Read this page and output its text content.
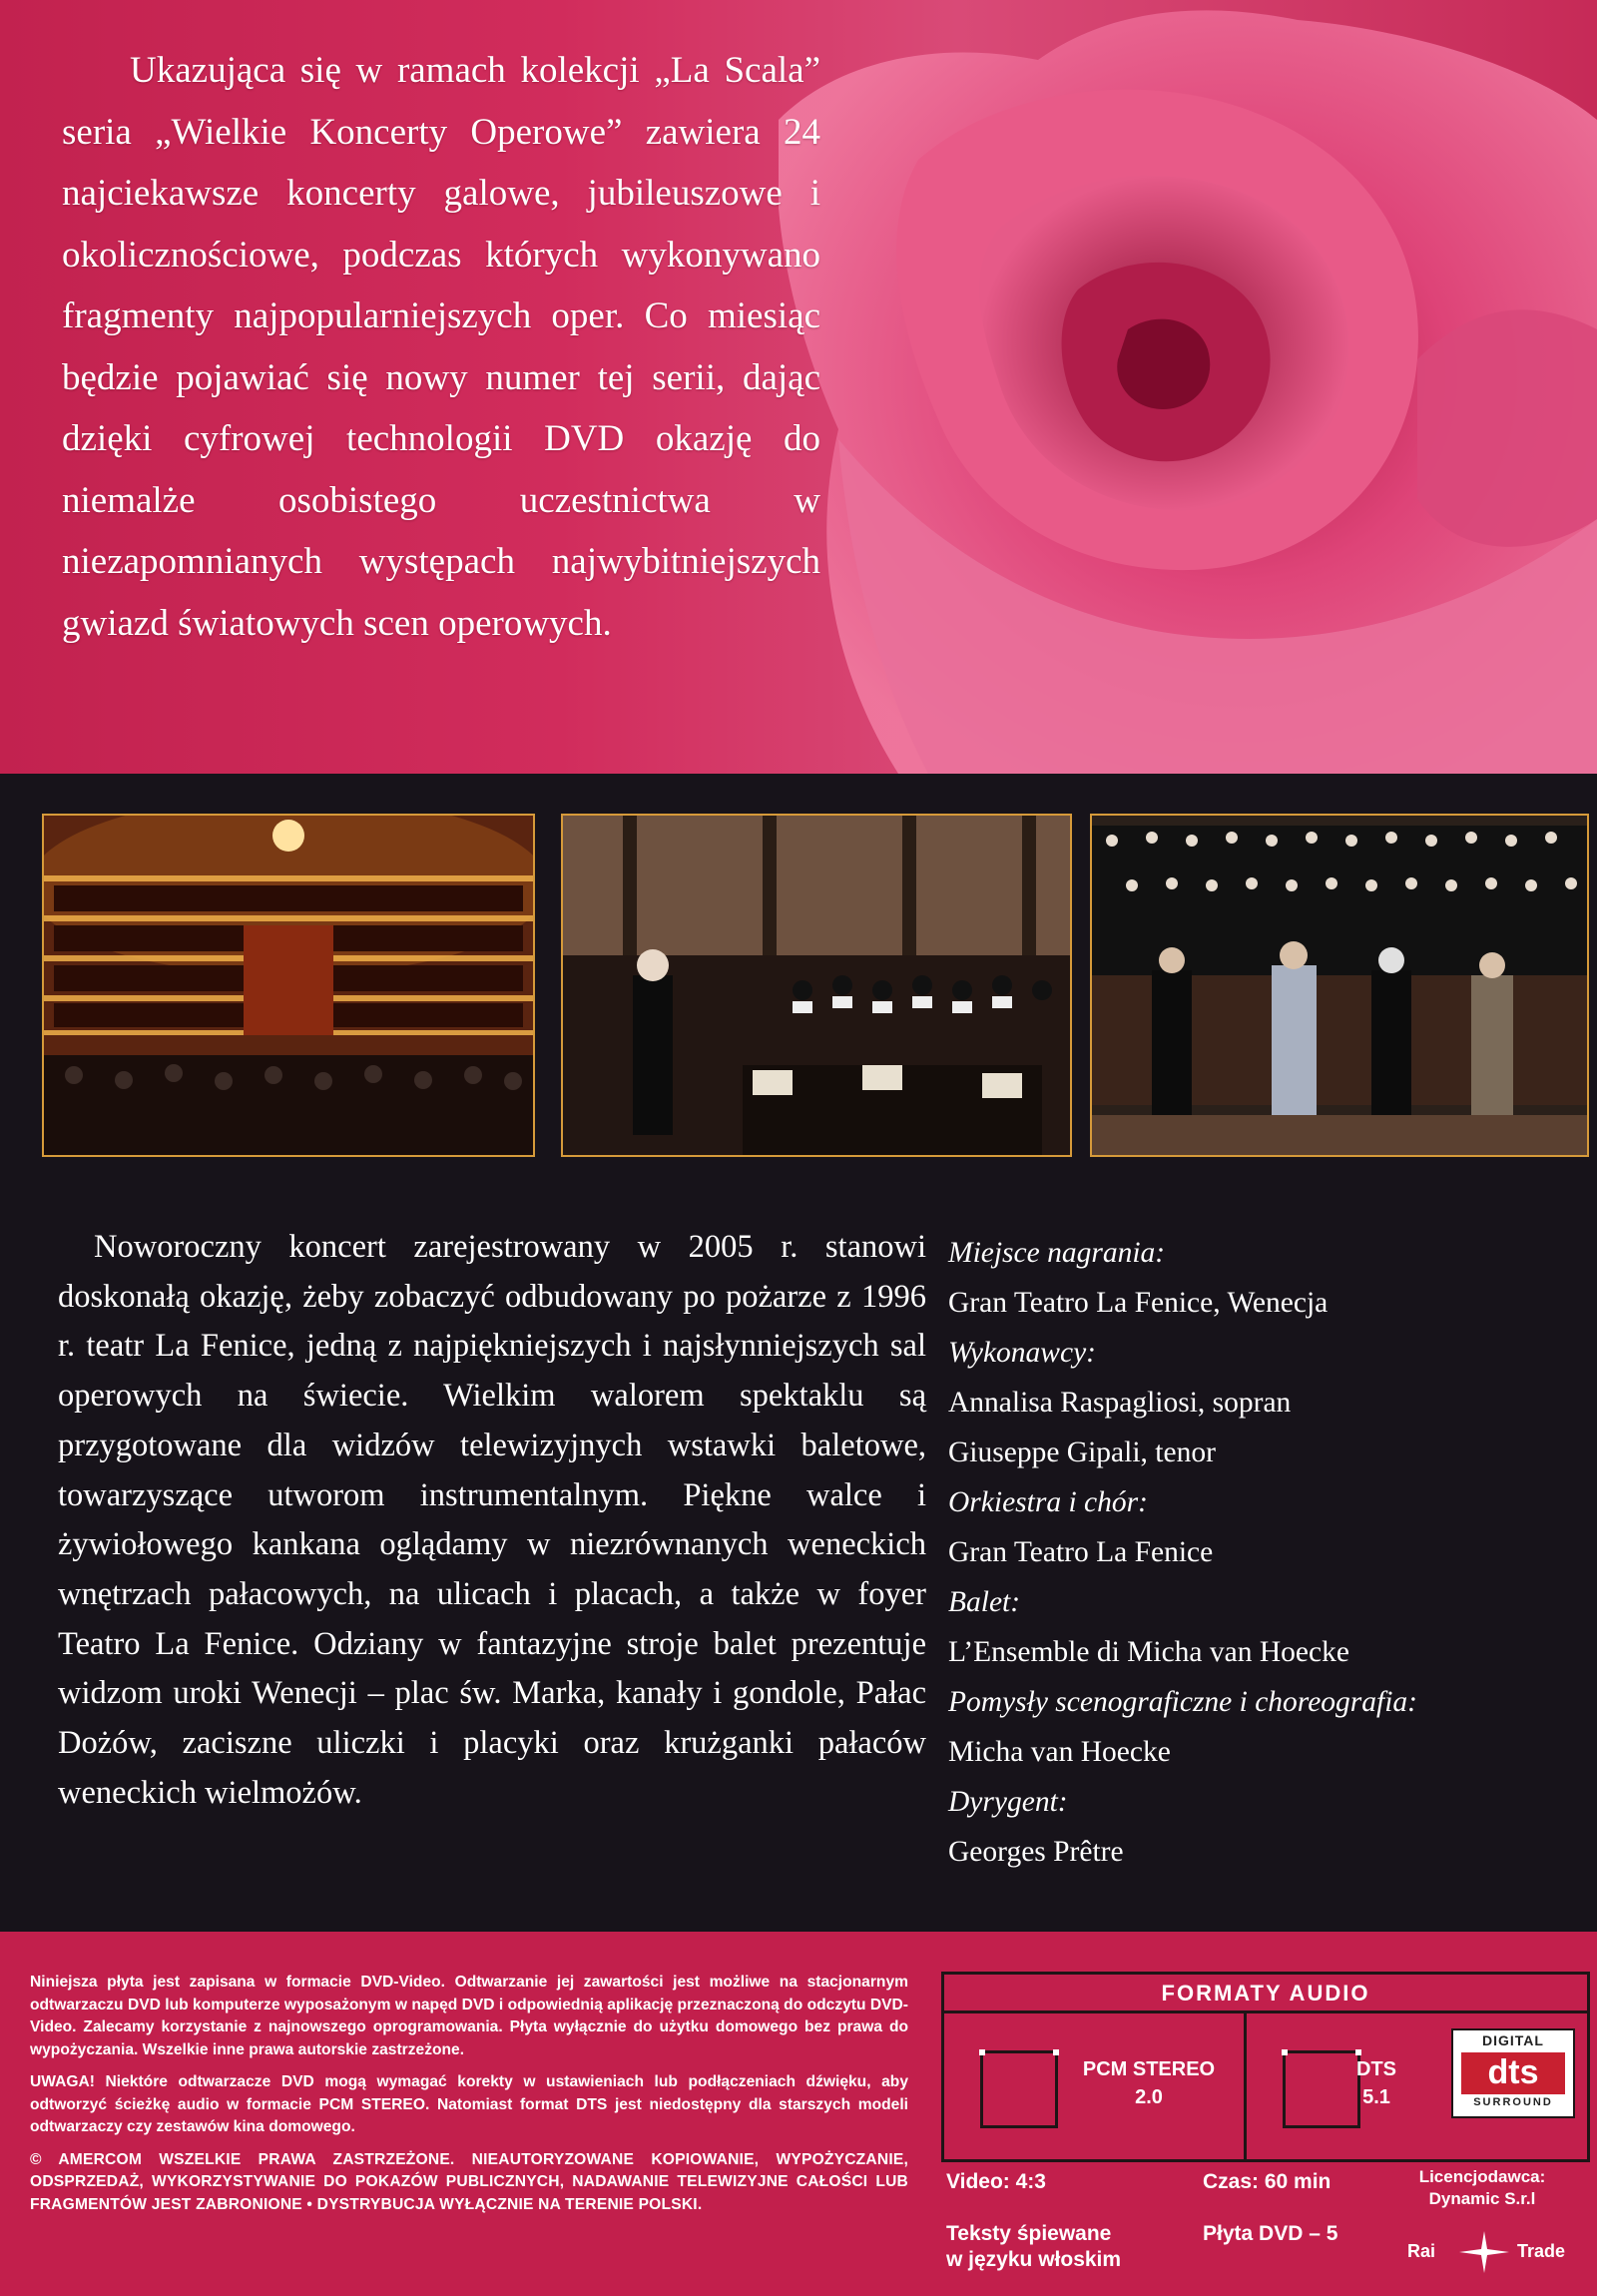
Ukazująca się w ramach kolekcji „La Scala” seria „Wielkie Koncerty Operowe” zawiera 24 najciekawsze koncerty galowe, jubileuszowe i okolicznościowe, podczas których wykonywano fragmenty najpopularniejszych oper. Co miesiąc będzie pojawiać się nowy numer tej serii, dając dzięki cyfrowej technologii DVD okazję do niemalże osobistego uczestnictwa w niezapomnianych występach najwybitniejszych gwiazd światowych scen operowych.

Noworoczny koncert zarejestrowany w 2005 r. stanowi doskonałą okazję, żeby zobaczyć odbudowany po pożarze z 1996 r. teatr La Fenice, jedną z najpiękniejszych i najsłynniejszych sal operowych na świecie. Wielkim walorem spektaklu są przygotowane dla widzów telewizyjnych wstawki baletowe, towarzyszące utworom instrumentalnym. Piękne walce i żywiołowego kankana oglądamy w niezrównanych weneckich wnętrzach pałacowych, na ulicach i placach, a także w foyer Teatro La Fenice. Odziany w fantazyjne stroje balet prezentuje widzom uroki Wenecji – plac św. Marka, kanały i gondole, Pałac Dożów, zaciszne uliczki i placyki oraz krużganki pałaców weneckich wielmożów.

Miejsce nagrania:
Gran Teatro La Fenice, Wenecja
Wykonawcy:
Annalisa Raspagliosi, sopran
Giuseppe Gipali, tenor
Orkiestra i chór:
Gran Teatro La Fenice
Balet:
L’Ensemble di Micha van Hoecke
Pomysły scenograficzne i choreografia:
Micha van Hoecke
Dyrygent:
Georges Prêtre

Niniejsza płyta jest zapisana w formacie DVD-Video. Odtwarzanie jej zawartości jest możliwe na stacjonarnym odtwarzaczu DVD lub komputerze wyposażonym w napęd DVD i odpowiednią aplikację przeznaczoną do odczytu DVD-Video. Zalecamy korzystanie z najnowszego oprogramowania. Płyta wyłącznie do użytku domowego bez prawa do wypożyczania. Wszelkie inne prawa autorskie zastrzeżone.

UWAGA! Niektóre odtwarzacze DVD mogą wymagać korekty w ustawieniach lub podłączeniach dźwięku, aby odtworzyć ścieżkę audio w formacie PCM STEREO. Natomiast format DTS jest niedostępny dla starszych modeli odtwarzaczy czy zestawów kina domowego.

© AMERCOM WSZELKIE PRAWA ZASTRZEŻONE. NIEAUTORYZOWANE KOPIOWANIE, WYPOŻYCZANIE, ODSPRZEDAŻ, WYKORZYSTYWANIE DO POKAZÓW PUBLICZNYCH, NADAWANIE TELEWIZYJNE CAŁOŚCI LUB FRAGMENTÓW JEST ZABRONIONE • DYSTRYBUCJA WYŁĄCZNIE NA TERENIE POLSKI.

FORMATY AUDIO
PCM STEREO
2.0
DTS
5.1
DIGITAL
dts
SURROUND
Video: 4:3	Czas: 60 min
Teksty śpiewane
w języku włoskim
Płyta DVD – 5
Licencjodawca:
Dynamic S.r.l
Rai	Trade
